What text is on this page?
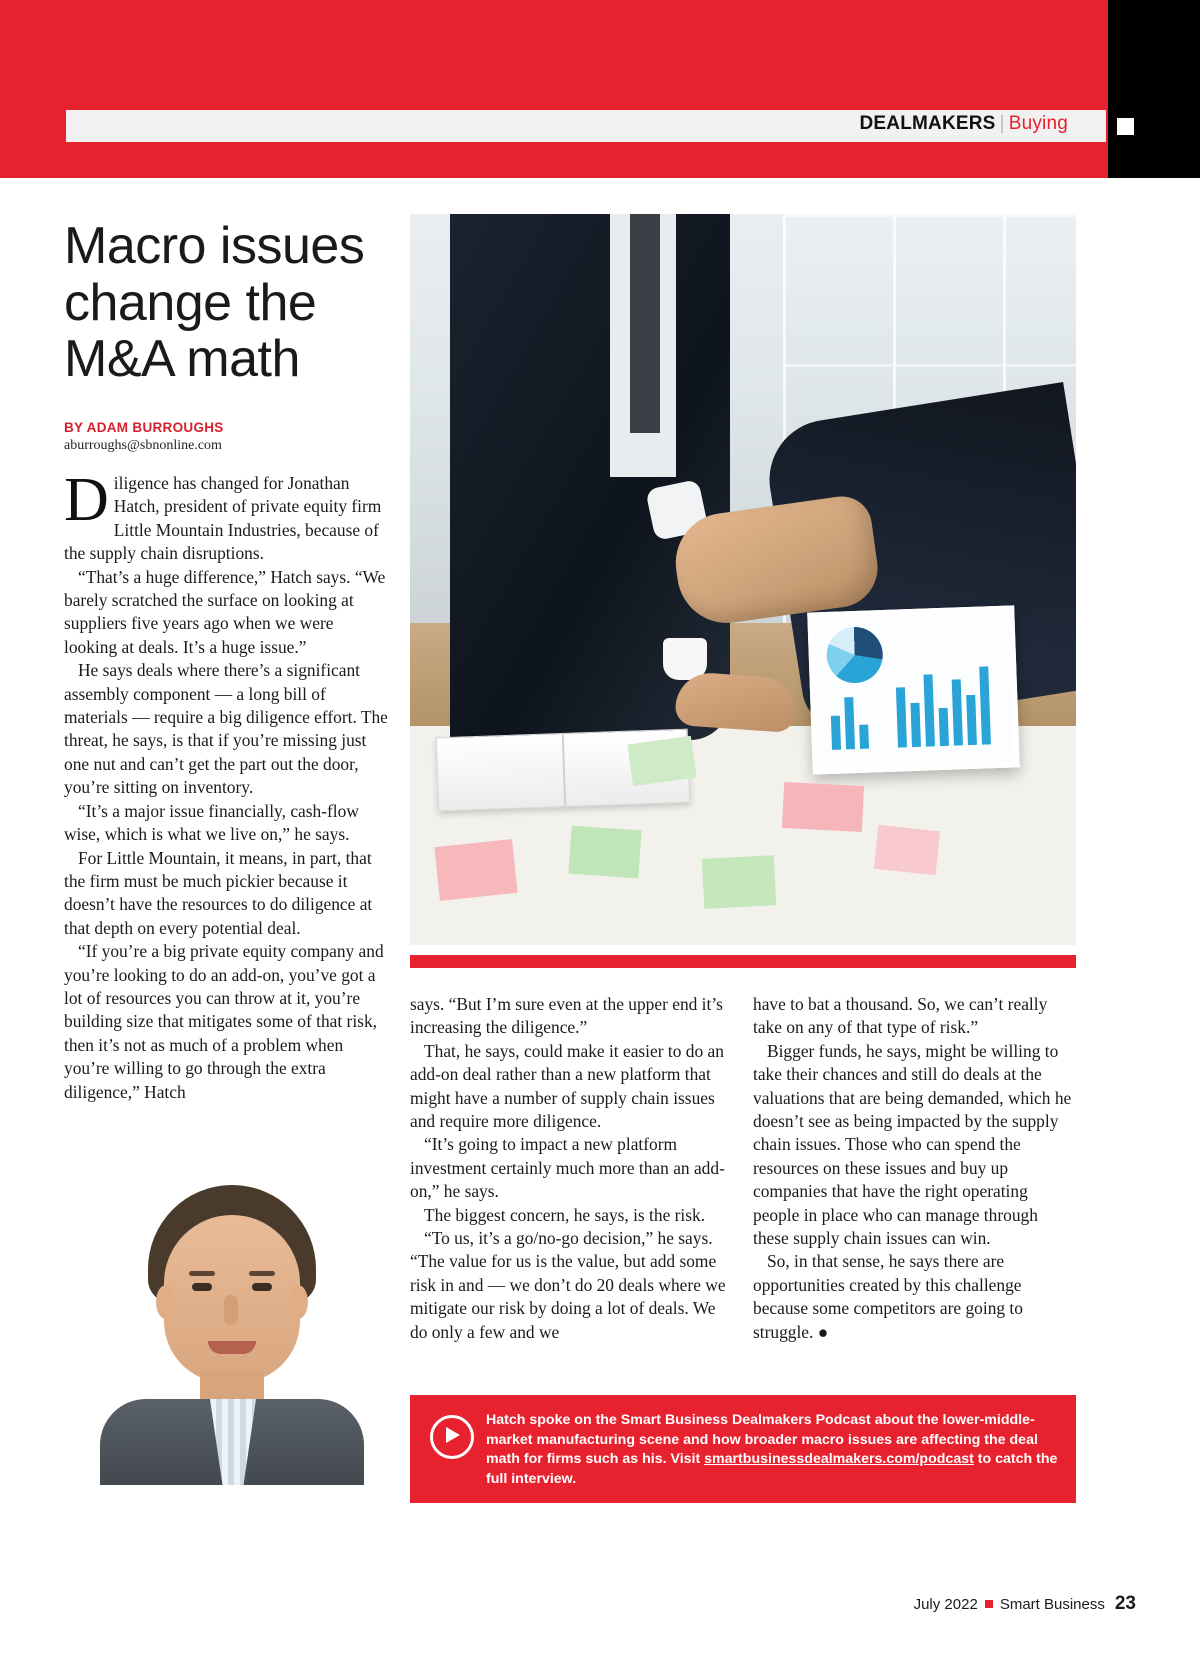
DEALMAKERS | Buying
Macro issues change the M&A math
BY ADAM BURROUGHS
aburroughs@sbnonline.com

Diligence has changed for Jonathan Hatch, president of private equity firm Little Mountain Industries, because of the supply chain disruptions.

“That’s a huge difference,” Hatch says. “We barely scratched the surface on looking at suppliers five years ago when we were looking at deals. It’s a huge issue.”

He says deals where there’s a significant assembly component — a long bill of materials — require a big diligence effort. The threat, he says, is that if you’re missing just one nut and can’t get the part out the door, you’re sitting on inventory.

“It’s a major issue financially, cash-flow wise, which is what we live on,” he says.

For Little Mountain, it means, in part, that the firm must be much pickier because it doesn’t have the resources to do diligence at that depth on every potential deal.

“If you’re a big private equity company and you’re looking to do an add-on, you’ve got a lot of resources you can throw at it, you’re building size that mitigates some of that risk, then it’s not as much of a problem when you’re willing to go through the extra diligence,” Hatch

says. “But I’m sure even at the upper end it’s increasing the diligence.”

That, he says, could make it easier to do an add-on deal rather than a new platform that might have a number of supply chain issues and require more diligence.

“It’s going to impact a new platform investment certainly much more than an add-on,” he says.

The biggest concern, he says, is the risk.

“To us, it’s a go/no-go decision,” he says. “The value for us is the value, but add some risk in and — we don’t do 20 deals where we mitigate our risk by doing a lot of deals. We do only a few and we

have to bat a thousand. So, we can’t really take on any of that type of risk.”

Bigger funds, he says, might be willing to take their chances and still do deals at the valuations that are being demanded, which he doesn’t see as being impacted by the supply chain issues. Those who can spend the resources on these issues and buy up companies that have the right operating people in place who can manage through these supply chain issues can win.

So, in that sense, he says there are opportunities created by this challenge because some competitors are going to struggle. ●

Hatch spoke on the Smart Business Dealmakers Podcast about the lower-middle-market manufacturing scene and how broader macro issues are affecting the deal math for firms such as his. Visit smartbusinessdealmakers.com/podcast to catch the full interview.
July 2022 Smart Business 23
